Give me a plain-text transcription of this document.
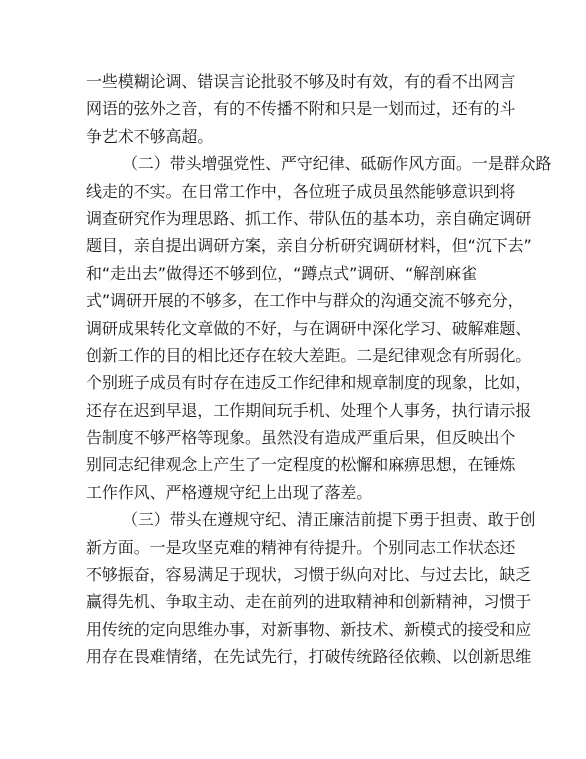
一些模糊论调、错误言论批驳不够及时有效，有的看不出网言
网语的弦外之音，有的不传播不附和只是一划而过，还有的斗
争艺术不够高超。
（二）带头增强党性、严守纪律、砥砺作风方面。一是群众路
线走的不实。在日常工作中，各位班子成员虽然能够意识到将
调查研究作为理思路、抓工作、带队伍的基本功，亲自确定调研
题目，亲自提出调研方案，亲自分析研究调研材料，但“沉下去”
和“走出去”做得还不够到位，“蹲点式”调研、“解剖麻雀
式”调研开展的不够多，在工作中与群众的沟通交流不够充分，
调研成果转化文章做的不好，与在调研中深化学习、破解难题、
创新工作的目的相比还存在较大差距。二是纪律观念有所弱化。
个别班子成员有时存在违反工作纪律和规章制度的现象，比如，
还存在迟到早退，工作期间玩手机、处理个人事务，执行请示报
告制度不够严格等现象。虽然没有造成严重后果，但反映出个
别同志纪律观念上产生了一定程度的松懈和麻痹思想，在锤炼
工作作风、严格遵规守纪上出现了落差。
（三）带头在遵规守纪、清正廉洁前提下勇于担责、敢于创
新方面。一是攻坚克难的精神有待提升。个别同志工作状态还
不够振奋，容易满足于现状，习惯于纵向对比、与过去比，缺乏
赢得先机、争取主动、走在前列的进取精神和创新精神，习惯于
用传统的定向思维办事，对新事物、新技术、新模式的接受和应
用存在畏难情绪，在先试先行，打破传统路径依赖、以创新思维
